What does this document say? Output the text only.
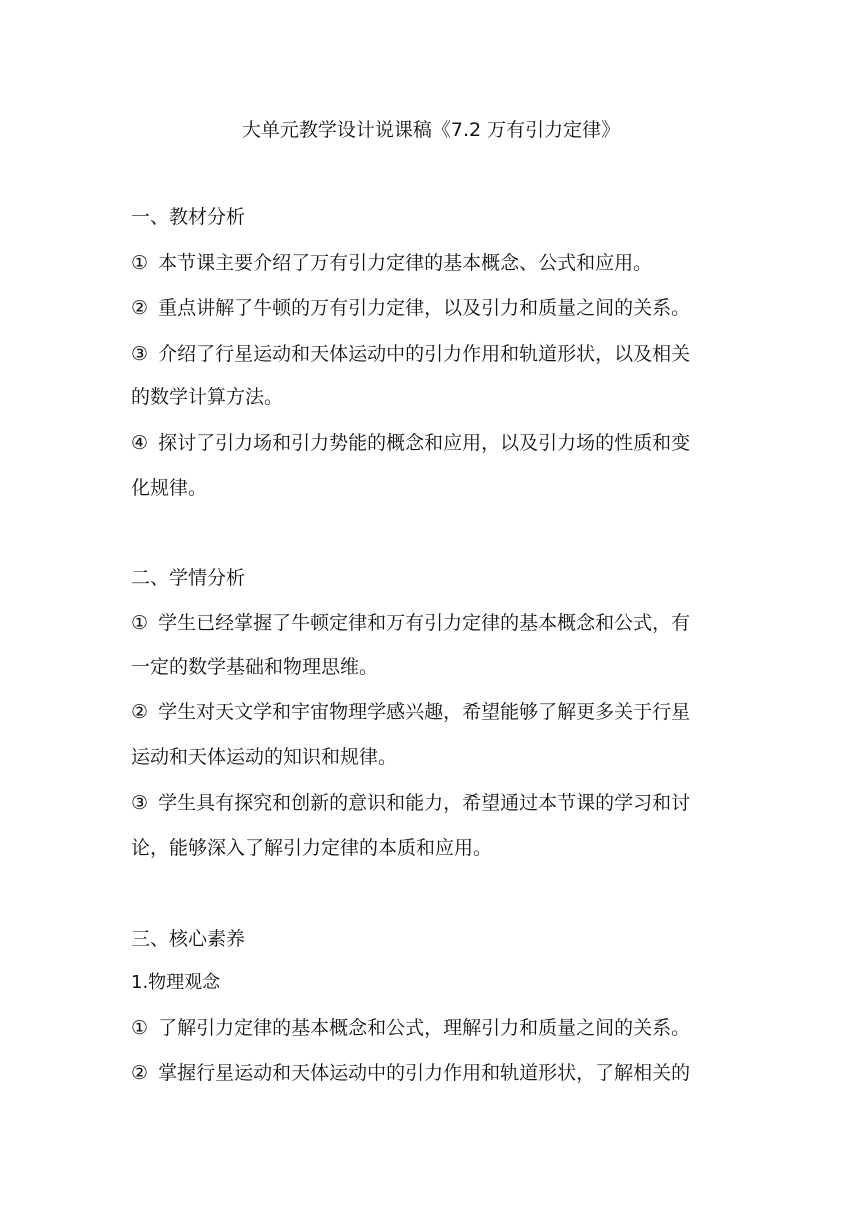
大单元教学设计说课稿《7.2 万有引力定律》
一、教材分析
① 本节课主要介绍了万有引力定律的基本概念、公式和应用。
② 重点讲解了牛顿的万有引力定律，以及引力和质量之间的关系。
③ 介绍了行星运动和天体运动中的引力作用和轨道形状，以及相关
的数学计算方法。
④ 探讨了引力场和引力势能的概念和应用，以及引力场的性质和变
化规律。
二、学情分析
① 学生已经掌握了牛顿定律和万有引力定律的基本概念和公式，有
一定的数学基础和物理思维。
② 学生对天文学和宇宙物理学感兴趣，希望能够了解更多关于行星
运动和天体运动的知识和规律。
③ 学生具有探究和创新的意识和能力，希望通过本节课的学习和讨
论，能够深入了解引力定律的本质和应用。
三、核心素养
1.物理观念
① 了解引力定律的基本概念和公式，理解引力和质量之间的关系。
② 掌握行星运动和天体运动中的引力作用和轨道形状，了解相关的
